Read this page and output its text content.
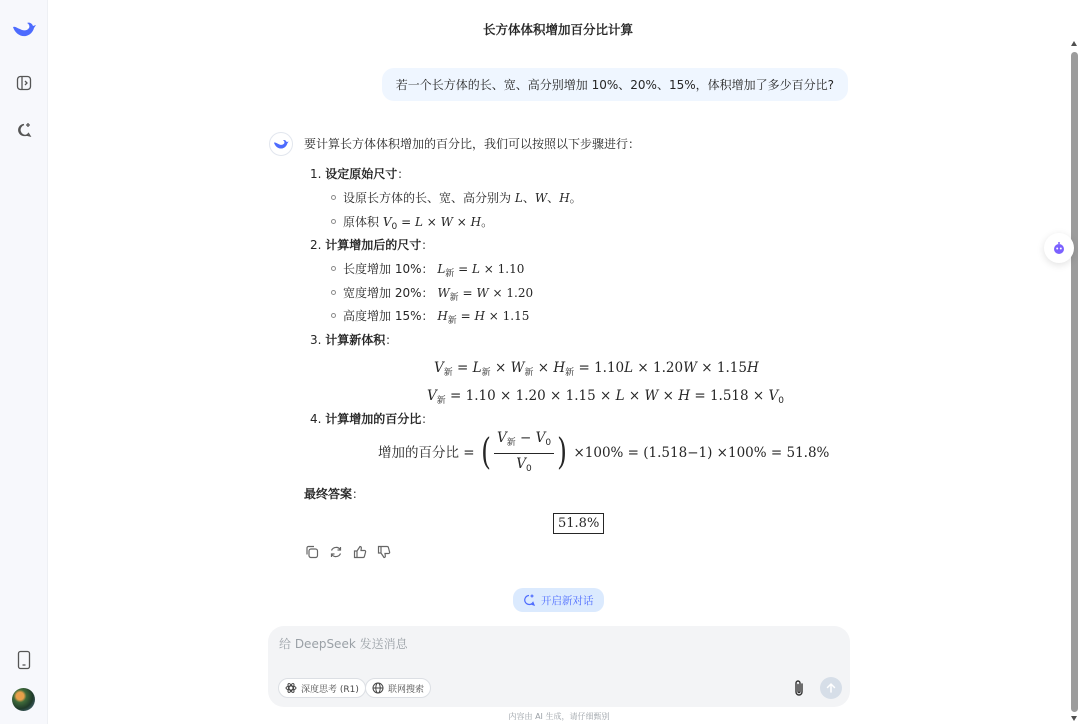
长方体体积增加百分比计算
若一个长方体的长、宽、高分别增加 10%、20%、15%，体积增加了多少百分比?
要计算长方体体积增加的百分比，我们可以按照以下步骤进行：
1. 设定原始尺寸：
设原长方体的长、宽、高分别为 L、W、H。
原体积 $V_0 = L \times W \times H$。
2. 计算增加后的尺寸：
长度增加 10%： $L_新 = L \times 1.10$
宽度增加 20%： $W_新 = W \times 1.20$
高度增加 15%： $H_新 = H \times 1.15$
3. 计算新体积：
$V_新 = L_新 \times W_新 \times H_新 = 1.10L \times 1.20W \times 1.15H$
$V_新 = 1.10 \times 1.20 \times 1.15 \times L \times W \times H = 1.518 \times V_0$
4. 计算增加的百分比：
增加的百分比 = ( $\frac{V_新 - V_0}{V_0}$ ) × 100% = ( 1.518 − 1 ) × 100% = 51.8%
最终答案：
51.8%
开启新对话
给 DeepSeek 发送消息
深度思考 (R1)	联网搜索
内容由 AI 生成，请仔细甄别
